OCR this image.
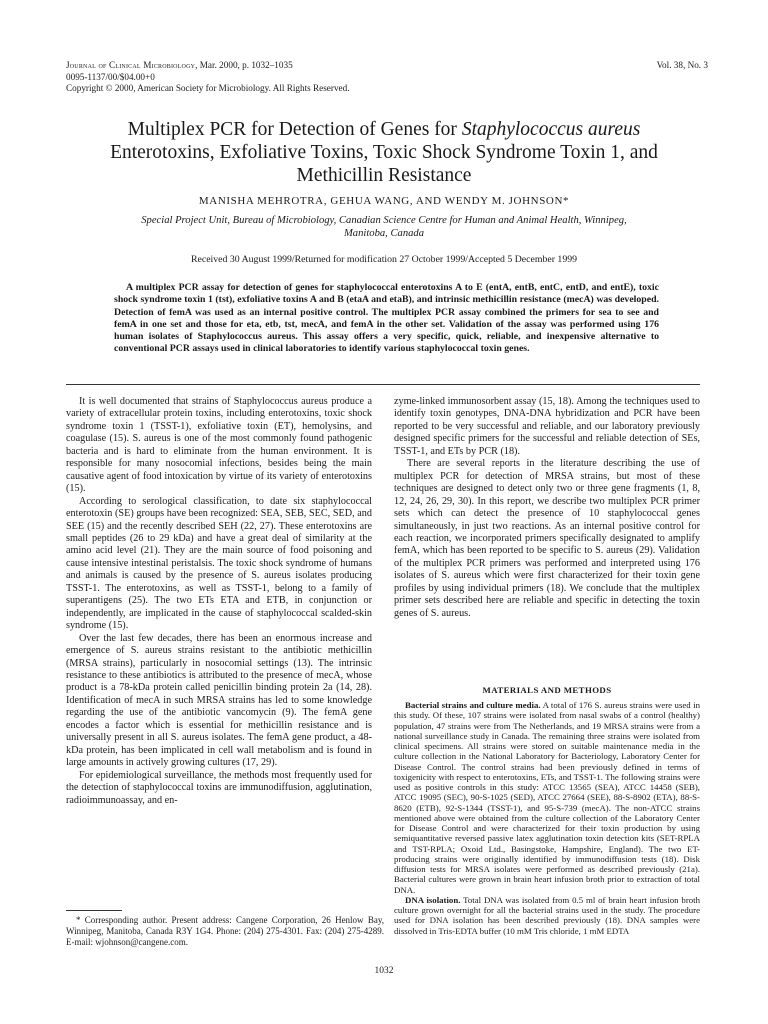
Journal of Clinical Microbiology, Mar. 2000, p. 1032–1035
0095-1137/00/$04.00+0
Copyright © 2000, American Society for Microbiology. All Rights Reserved.
Vol. 38, No. 3
Multiplex PCR for Detection of Genes for Staphylococcus aureus Enterotoxins, Exfoliative Toxins, Toxic Shock Syndrome Toxin 1, and Methicillin Resistance
MANISHA MEHROTRA, GEHUA WANG, AND WENDY M. JOHNSON*
Special Project Unit, Bureau of Microbiology, Canadian Science Centre for Human and Animal Health, Winnipeg, Manitoba, Canada
Received 30 August 1999/Returned for modification 27 October 1999/Accepted 5 December 1999
A multiplex PCR assay for detection of genes for staphylococcal enterotoxins A to E (entA, entB, entC, entD, and entE), toxic shock syndrome toxin 1 (tst), exfoliative toxins A and B (etaA and etaB), and intrinsic methicillin resistance (mecA) was developed. Detection of femA was used as an internal positive control. The multiplex PCR assay combined the primers for sea to see and femA in one set and those for eta, etb, tst, mecA, and femA in the other set. Validation of the assay was performed using 176 human isolates of Staphylococcus aureus. This assay offers a very specific, quick, reliable, and inexpensive alternative to conventional PCR assays used in clinical laboratories to identify various staphylococcal toxin genes.

It is well documented that strains of Staphylococcus aureus produce a variety of extracellular protein toxins, including enterotoxins, toxic shock syndrome toxin 1 (TSST-1), exfoliative toxin (ET), hemolysins, and coagulase (15). S. aureus is one of the most commonly found pathogenic bacteria and is hard to eliminate from the human environment. It is responsible for many nosocomial infections, besides being the main causative agent of food intoxication by virtue of its variety of enterotoxins (15).

According to serological classification, to date six staphylococcal enterotoxin (SE) groups have been recognized: SEA, SEB, SEC, SED, and SEE (15) and the recently described SEH (22, 27). These enterotoxins are small peptides (26 to 29 kDa) and have a great deal of similarity at the amino acid level (21). They are the main source of food poisoning and cause intensive intestinal peristalsis. The toxic shock syndrome of humans and animals is caused by the presence of S. aureus isolates producing TSST-1. The enterotoxins, as well as TSST-1, belong to a family of superantigens (25). The two ETs ETA and ETB, in conjunction or independently, are implicated in the cause of staphylococcal scalded-skin syndrome (15).

Over the last few decades, there has been an enormous increase and emergence of S. aureus strains resistant to the antibiotic methicillin (MRSA strains), particularly in nosocomial settings (13). The intrinsic resistance to these antibiotics is attributed to the presence of mecA, whose product is a 78-kDa protein called penicillin binding protein 2a (14, 28). Identification of mecA in such MRSA strains has led to some knowledge regarding the use of the antibiotic vancomycin (9). The femA gene encodes a factor which is essential for methicillin resistance and is universally present in all S. aureus isolates. The femA gene product, a 48-kDa protein, has been implicated in cell wall metabolism and is found in large amounts in actively growing cultures (17, 29).

For epidemiological surveillance, the methods most frequently used for the detection of staphylococcal toxins are immunodiffusion, agglutination, radioimmunoassay, and en-

zyme-linked immunosorbent assay (15, 18). Among the techniques used to identify toxin genotypes, DNA-DNA hybridization and PCR have been reported to be very successful and reliable, and our laboratory previously designed specific primers for the successful and reliable detection of SEs, TSST-1, and ETs by PCR (18).

There are several reports in the literature describing the use of multiplex PCR for detection of MRSA strains, but most of these techniques are designed to detect only two or three gene fragments (1, 8, 12, 24, 26, 29, 30). In this report, we describe two multiplex PCR primer sets which can detect the presence of 10 staphylococcal genes simultaneously, in just two reactions. As an internal positive control for each reaction, we incorporated primers specifically designated to amplify femA, which has been reported to be specific to S. aureus (29). Validation of the multiplex PCR primers was performed and interpreted using 176 isolates of S. aureus which were first characterized for their toxin gene profiles by using individual primers (18). We conclude that the multiplex primer sets described here are reliable and specific in detecting the toxin genes of S. aureus.

MATERIALS AND METHODS

Bacterial strains and culture media. A total of 176 S. aureus strains were used in this study. Of these, 107 strains were isolated from nasal swabs of a control (healthy) population, 47 strains were from The Netherlands, and 19 MRSA strains were from a national surveillance study in Canada. The remaining three strains were isolated from clinical specimens. All strains were stored on suitable maintenance media in the culture collection in the National Laboratory for Bacteriology, Laboratory Center for Disease Control. The control strains had been previously defined in terms of toxigenicity with respect to enterotoxins, ETs, and TSST-1. The following strains were used as positive controls in this study: ATCC 13565 (SEA), ATCC 14458 (SEB), ATCC 19095 (SEC), 90-S-1025 (SED), ATCC 27664 (SEE), 88-S-8902 (ETA), 88-S-8620 (ETB), 92-S-1344 (TSST-1), and 95-S-739 (mecA). The non-ATCC strains mentioned above were obtained from the culture collection of the Laboratory Center for Disease Control and were characterized for their toxin production by using semiquantitative reversed passive latex agglutination toxin detection kits (SET-RPLA and TST-RPLA; Oxoid Ltd., Basingstoke, Hampshire, England). The two ET-producing strains were originally identified by immunodiffusion tests (18). Disk diffusion tests for MRSA isolates were performed as described previously (21a). Bacterial cultures were grown in brain heart infusion broth prior to extraction of total DNA.

DNA isolation. Total DNA was isolated from 0.5 ml of brain heart infusion broth culture grown overnight for all the bacterial strains used in the study. The procedure used for DNA isolation has been described previously (18). DNA samples were dissolved in Tris-EDTA buffer (10 mM Tris chloride, 1 mM EDTA

* Corresponding author. Present address: Cangene Corporation, 26 Henlow Bay, Winnipeg, Manitoba, Canada R3Y 1G4. Phone: (204) 275-4301. Fax: (204) 275-4289. E-mail: wjohnson@cangene.com.
1032
